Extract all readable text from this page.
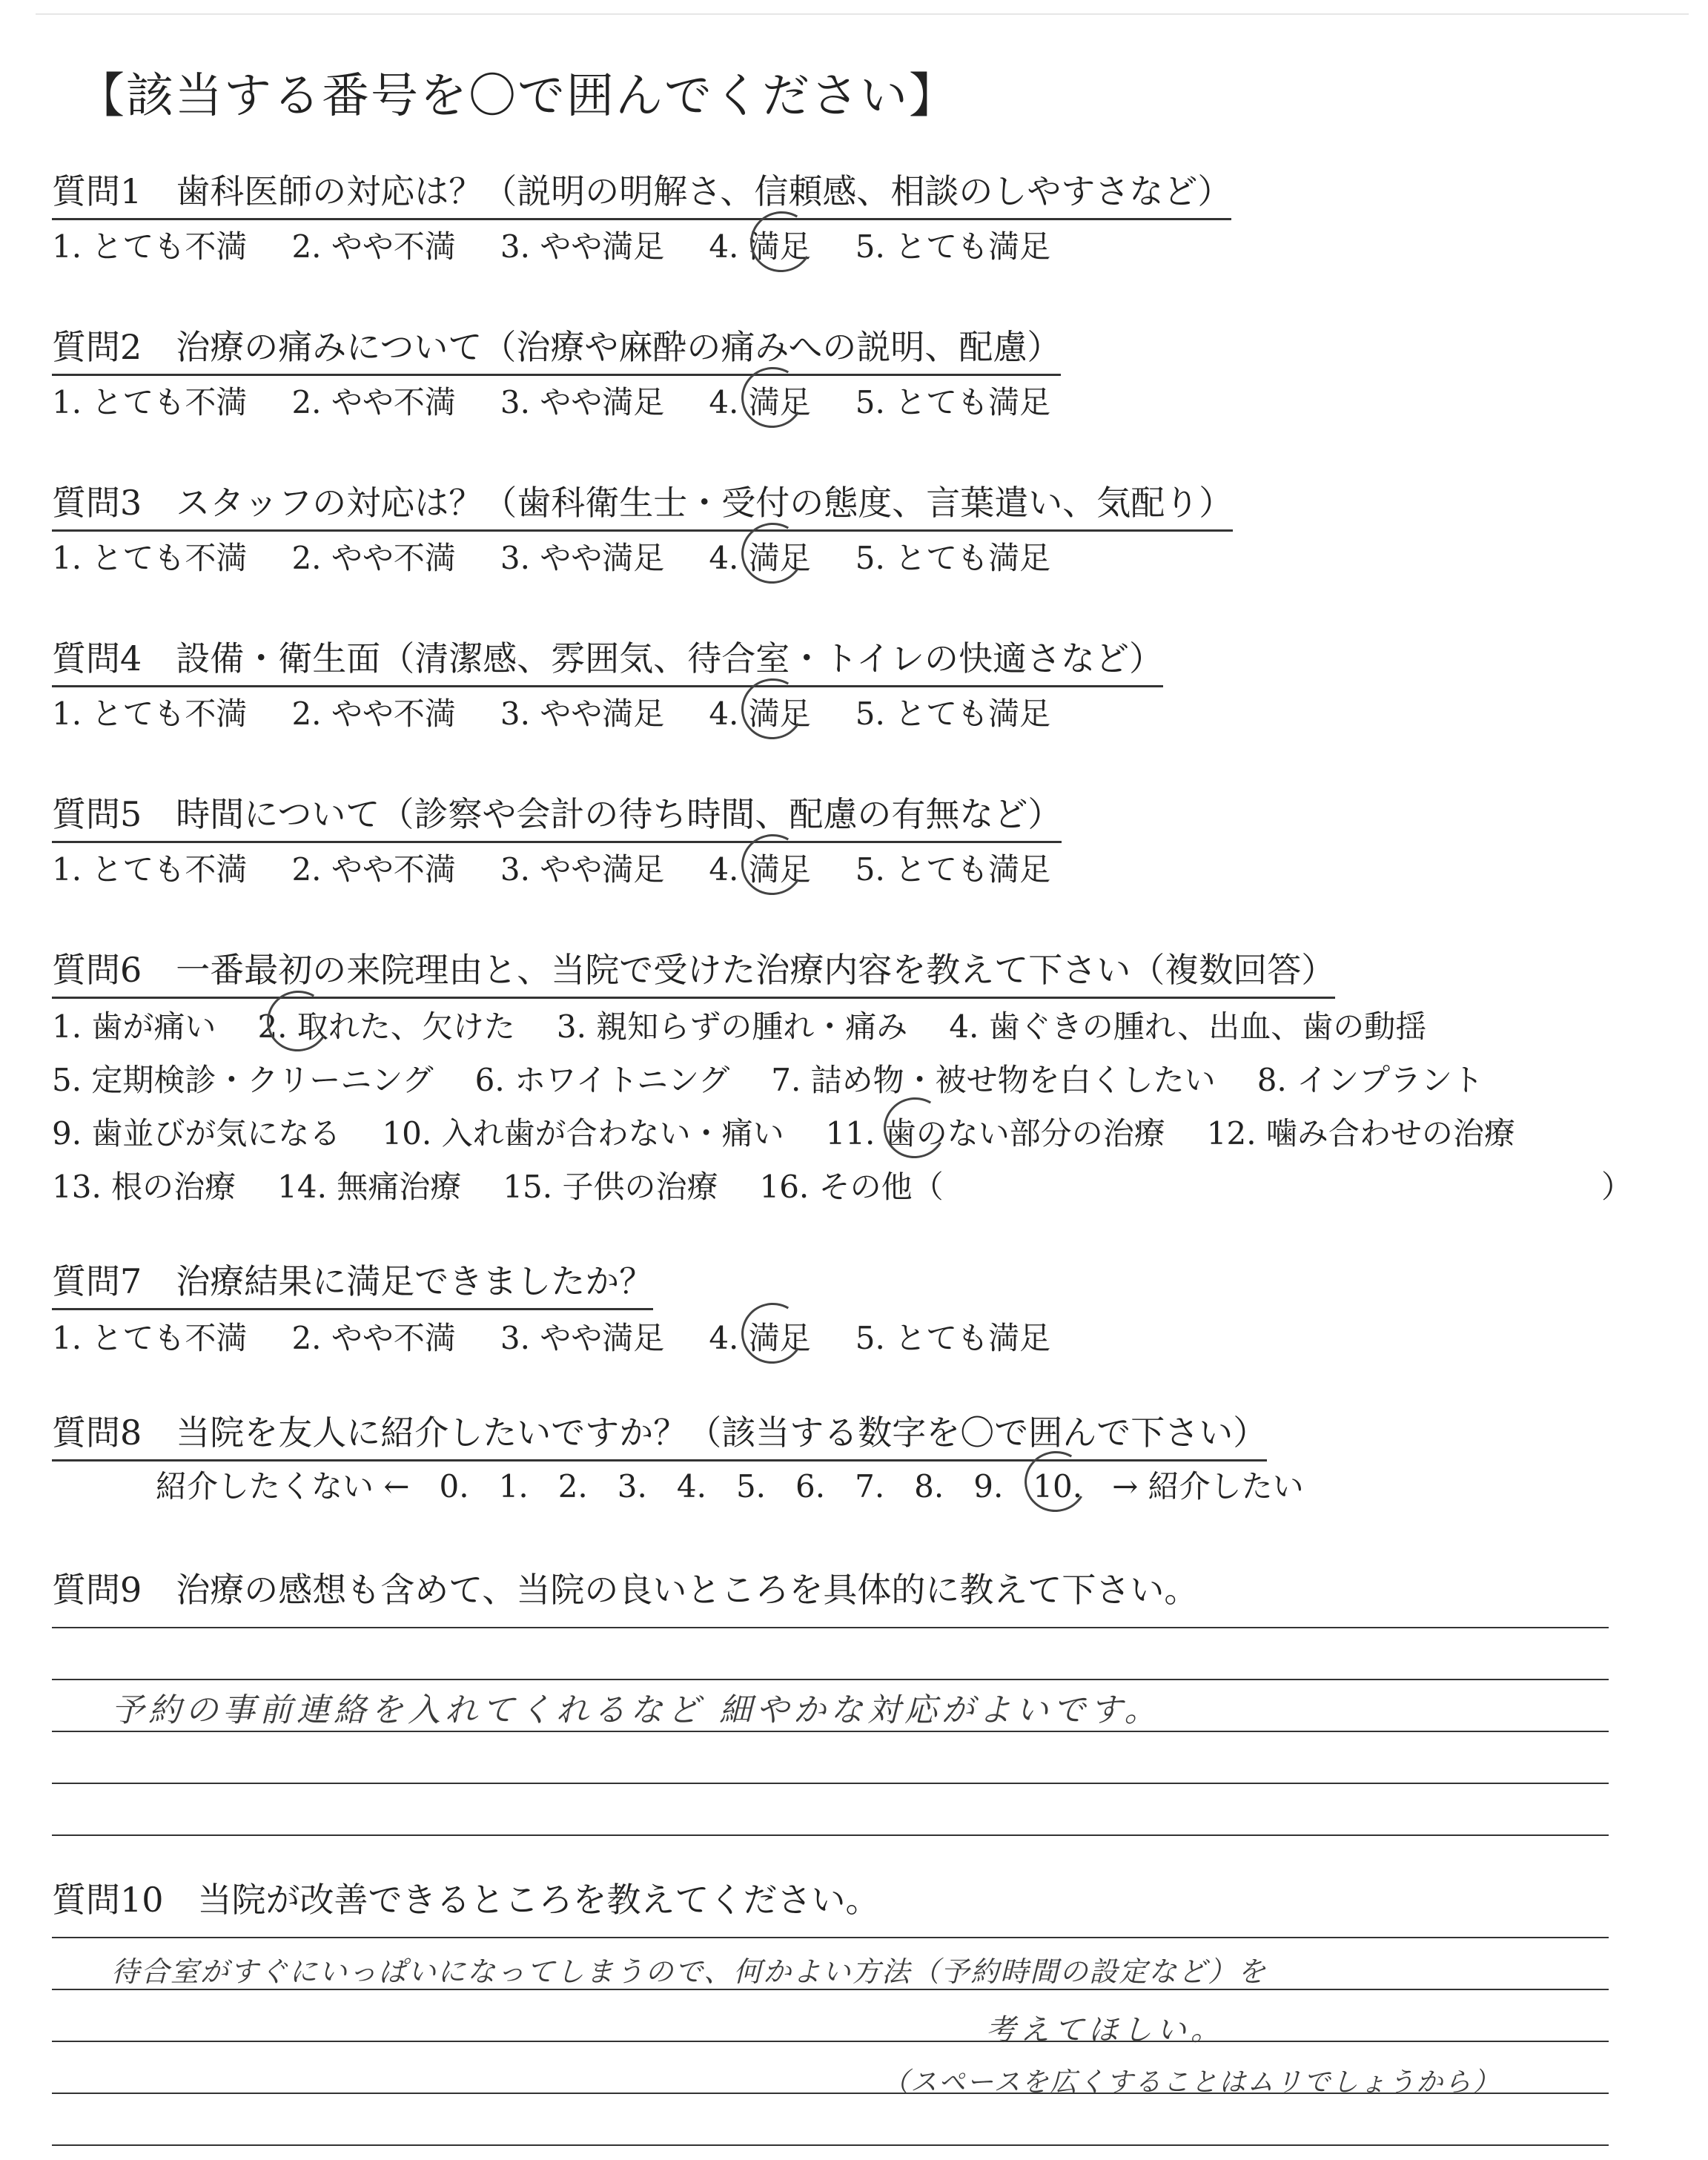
【該当する番号を〇で囲んでください】
質問1　歯科医師の対応は？（説明の明解さ、信頼感、相談のしやすさなど）
1. とても不満 2. やや不満 3. やや満足 4. 満足 5. とても満足
質問2　治療の痛みについて（治療や麻酔の痛みへの説明、配慮）
1. とても不満 2. やや不満 3. やや満足 4. 満足 5. とても満足
質問3　スタッフの対応は？（歯科衛生士・受付の態度、言葉遣い、気配り）
1. とても不満 2. やや不満 3. やや満足 4. 満足 5. とても満足
質問4　設備・衛生面（清潔感、雰囲気、待合室・トイレの快適さなど）
1. とても不満 2. やや不満 3. やや満足 4. 満足 5. とても満足
質問5　時間について（診察や会計の待ち時間、配慮の有無など）
1. とても不満 2. やや不満 3. やや満足 4. 満足 5. とても満足
質問6　一番最初の来院理由と、当院で受けた治療内容を教えて下さい（複数回答）
1. 歯が痛い 2. 取れた、欠けた 3. 親知らずの腫れ・痛み 4. 歯ぐきの腫れ、出血、歯の動揺
5. 定期検診・クリーニング 6. ホワイトニング 7. 詰め物・被せ物を白くしたい 8. インプラント
9. 歯並びが気になる 10. 入れ歯が合わない・痛い 11. 歯のない部分の治療 12. 噛み合わせの治療
13. 根の治療 14. 無痛治療 15. 子供の治療 16. その他（	）
質問7　治療結果に満足できましたか？
1. とても不満 2. やや不満 3. やや満足 4. 満足 5. とても満足
質問8　当院を友人に紹介したいですか？（該当する数字を〇で囲んで下さい）
紹介したくない ← 0. 1. 2. 3. 4. 5. 6. 7. 8. 9. 10. → 紹介したい
質問9　治療の感想も含めて、当院の良いところを具体的に教えて下さい。
予約の事前連絡を入れてくれるなど 細やかな対応がよいです。
質問10　当院が改善できるところを教えてください。
待合室がすぐにいっぱいになってしまうので、何かよい方法（予約時間の設定など）を
考えてほしい。
（スペースを広くすることはムリでしょうから）
